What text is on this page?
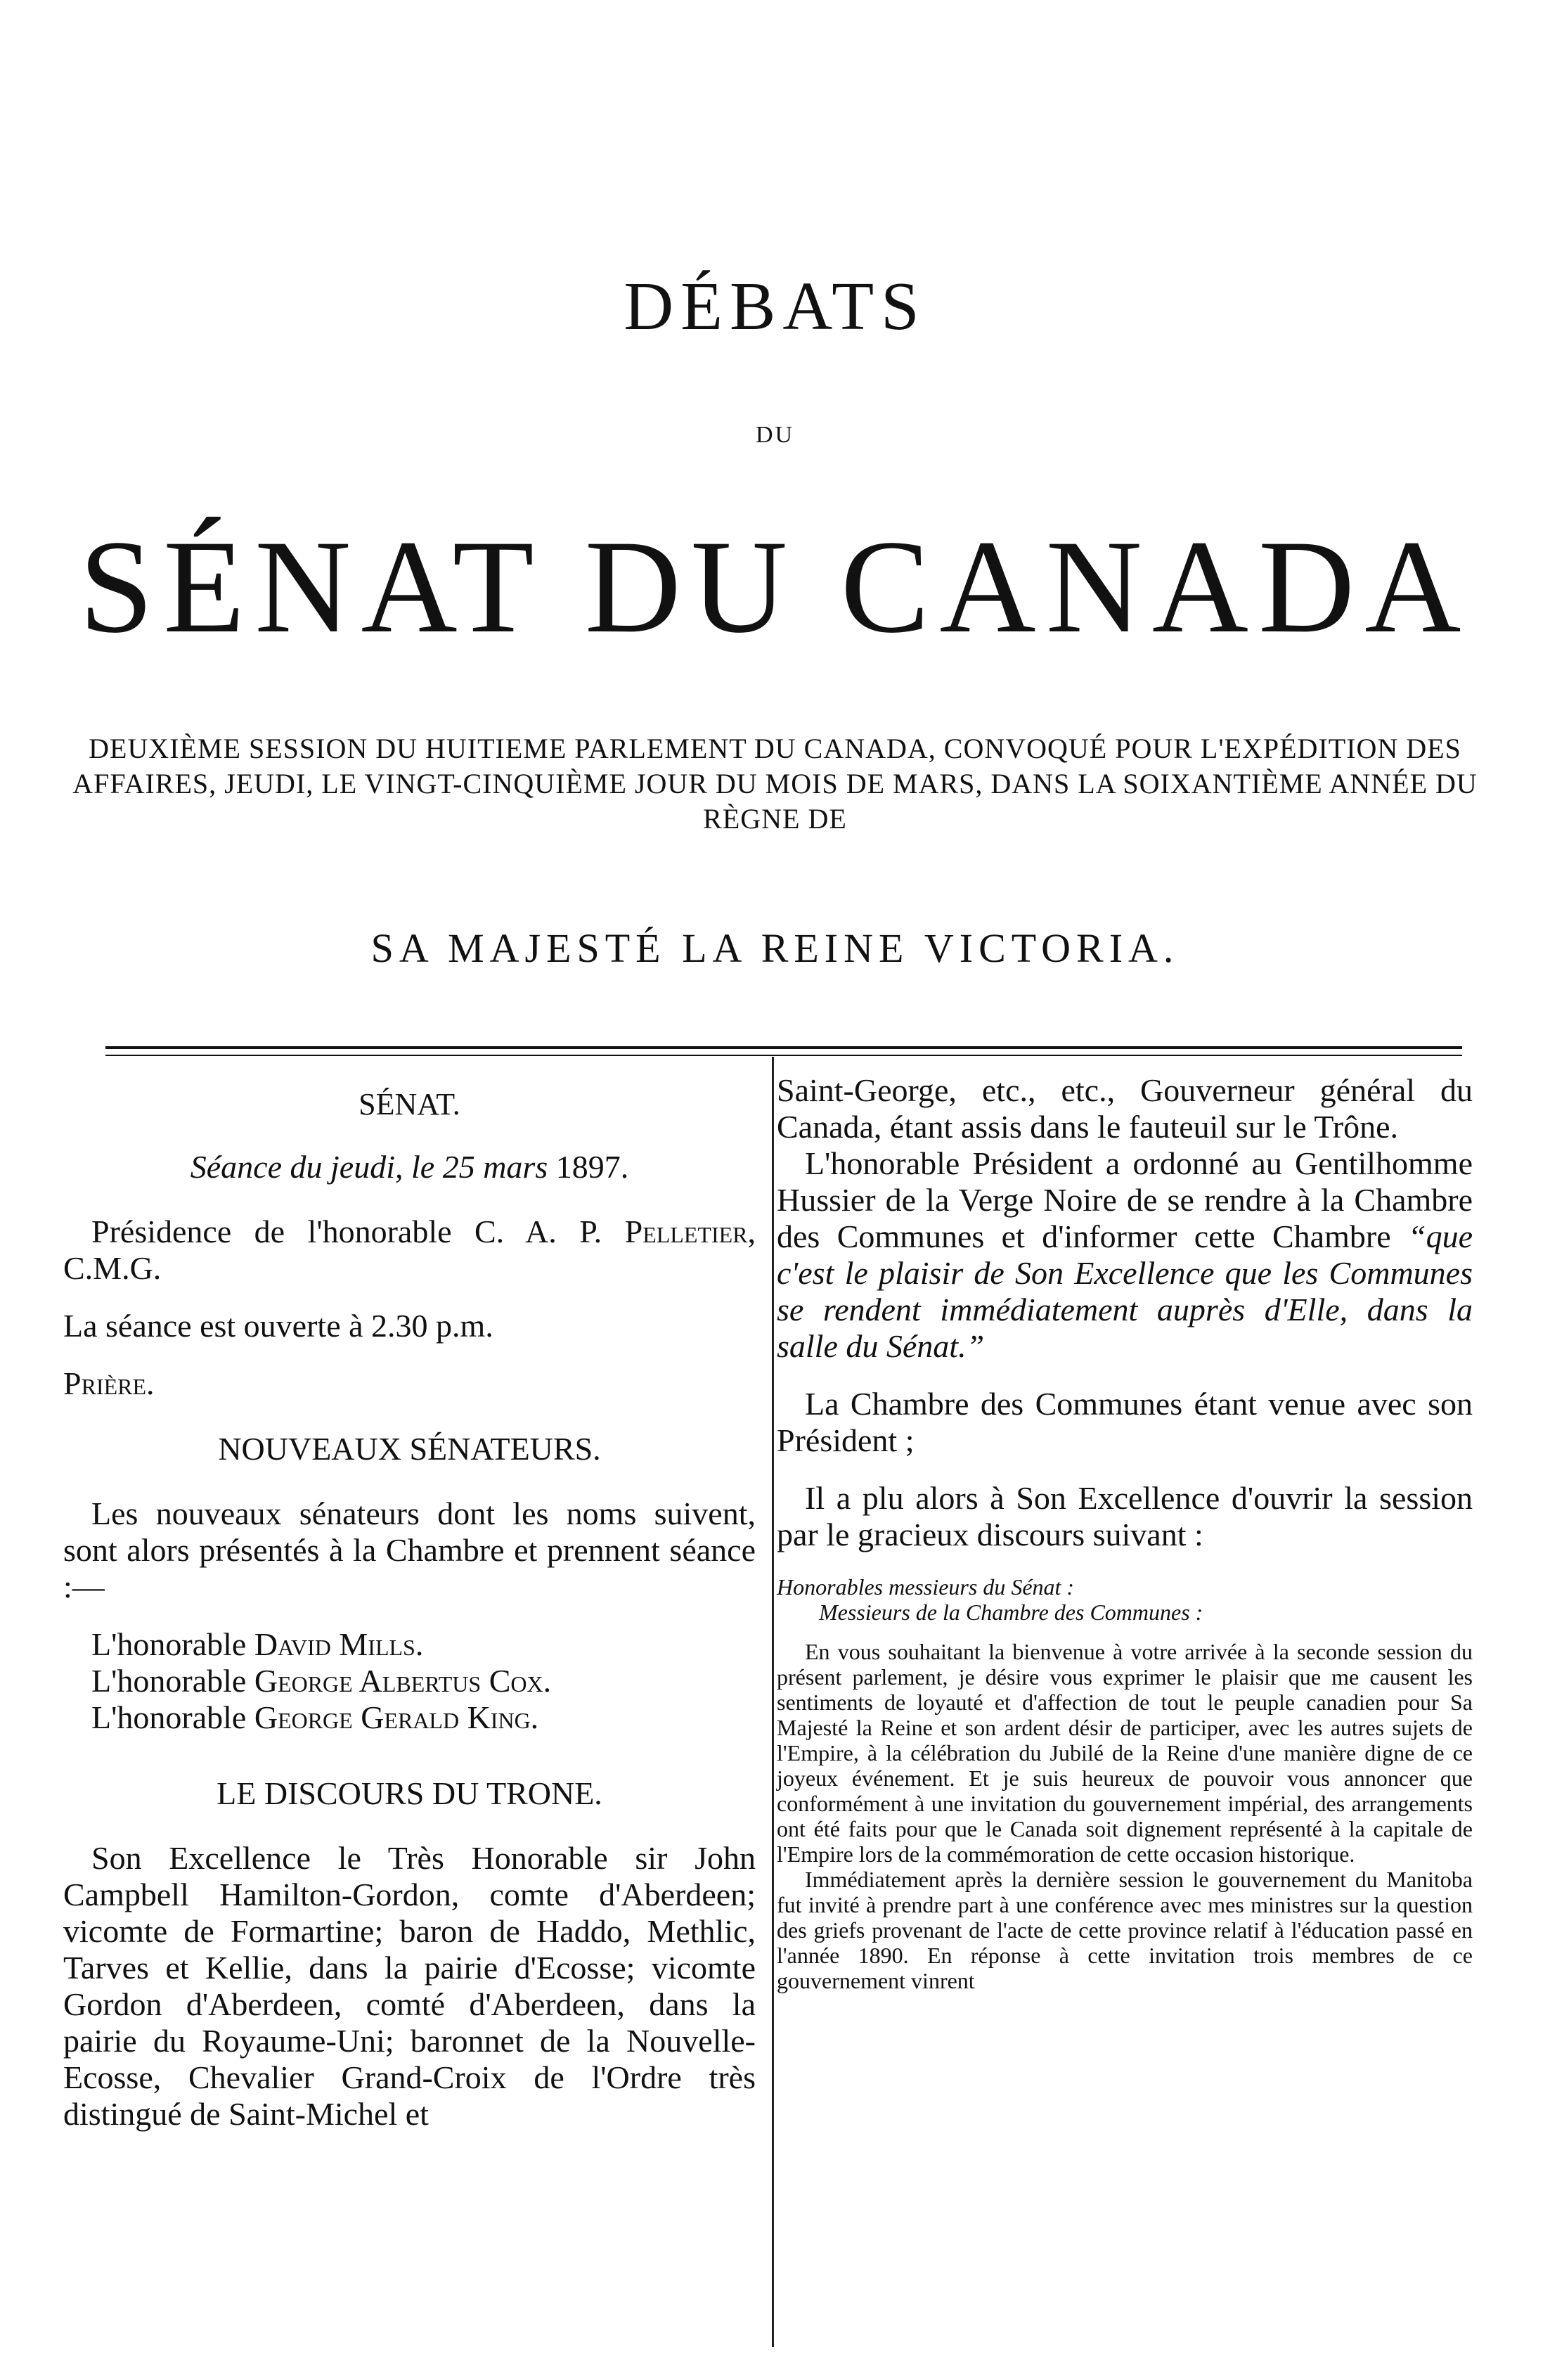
DÉBATS
DU
SÉNAT DU CANADA
DEUXIÈME SESSION DU HUITIEME PARLEMENT DU CANADA, CONVOQUÉ POUR L'EXPÉDITION DES AFFAIRES, JEUDI, LE VINGT-CINQUIÈME JOUR DU MOIS DE MARS, DANS LA SOIXANTIÈME ANNÉE DU RÈGNE DE
SA MAJESTÉ LA REINE VICTORIA.
SÉNAT.

Séance du jeudi, le 25 mars 1897.

Présidence de l'honorable C. A. P. Pelletier, C.M.G.

La séance est ouverte à 2.30 p.m.

Prière.

NOUVEAUX SÉNATEURS.

Les nouveaux sénateurs dont les noms suivent, sont alors présentés à la Chambre et prennent séance :—

L'honorable David Mills.

L'honorable George Albertus Cox.

L'honorable George Gerald King.

LE DISCOURS DU TRONE.

Son Excellence le Très Honorable sir John Campbell Hamilton-Gordon, comte d'Aberdeen; vicomte de Formartine; baron de Haddo, Methlic, Tarves et Kellie, dans la pairie d'Ecosse; vicomte Gordon d'Aberdeen, comté d'Aberdeen, dans la pairie du Royaume-Uni; baronnet de la Nouvelle-Ecosse, Chevalier Grand-Croix de l'Ordre très distingué de Saint-Michel et

Saint-George, etc., etc., Gouverneur général du Canada, étant assis dans le fauteuil sur le Trône.

L'honorable Président a ordonné au Gentilhomme Hussier de la Verge Noire de se rendre à la Chambre des Communes et d'informer cette Chambre “que c'est le plaisir de Son Excellence que les Communes se rendent immédiatement auprès d'Elle, dans la salle du Sénat.”

La Chambre des Communes étant venue avec son Président ;

Il a plu alors à Son Excellence d'ouvrir la session par le gracieux discours suivant :

Honorables messieurs du Sénat :

Messieurs de la Chambre des Communes :

En vous souhaitant la bienvenue à votre arrivée à la seconde session du présent parlement, je désire vous exprimer le plaisir que me causent les sentiments de loyauté et d'affection de tout le peuple canadien pour Sa Majesté la Reine et son ardent désir de participer, avec les autres sujets de l'Empire, à la célébration du Jubilé de la Reine d'une manière digne de ce joyeux événement. Et je suis heureux de pouvoir vous annoncer que conformément à une invitation du gouvernement impérial, des arrangements ont été faits pour que le Canada soit dignement représenté à la capitale de l'Empire lors de la commémoration de cette occasion historique.

Immédiatement après la dernière session le gouvernement du Manitoba fut invité à prendre part à une conférence avec mes ministres sur la question des griefs provenant de l'acte de cette province relatif à l'éducation passé en l'année 1890. En réponse à cette invitation trois membres de ce gouvernement vinrent
